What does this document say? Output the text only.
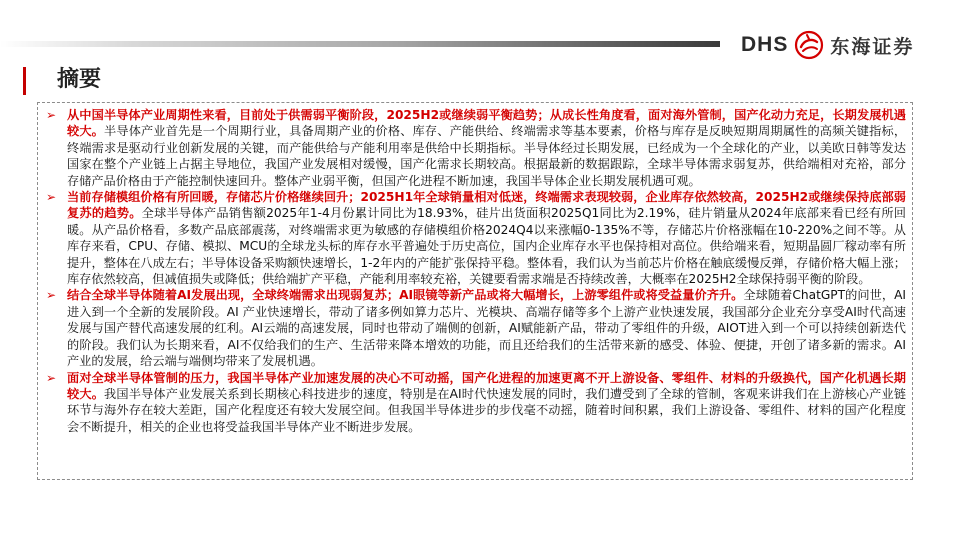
DHS 东海证券
摘要
➢ 从中国半导体产业周期性来看，目前处于供需弱平衡阶段，2025H2或继续弱平衡趋势；从成长性角度看，面对海外管制，国产化动力充足，长期发展机遇较大。半导体产业首先是一个周期行业，具备周期产业的价格、库存、产能供给、终端需求等基本要素，价格与库存是反映短期周期属性的高频关键指标，终端需求是驱动行业创新发展的关键，而产能供给与产能利用率是供给中长期指标。半导体经过长期发展，已经成为一个全球化的产业，以美欧日韩等发达国家在整个产业链上占据主导地位，我国产业发展相对缓慢，国产化需求长期较高。根据最新的数据跟踪，全球半导体需求弱复苏，供给端相对充裕，部分存储产品价格由于产能控制快速回升。整体产业弱平衡，但国产化进程不断加速，我国半导体企业长期发展机遇可观。
➢ 当前存储模组价格有所回暖，存储芯片价格继续回升；2025H1年全球销量相对低迷，终端需求表现较弱，企业库存依然较高，2025H2或继续保持底部弱复苏的趋势。全球半导体产品销售额2025年1-4月份累计同比为18.93%，硅片出货面积2025Q1同比为2.19%，硅片销量从2024年底部来看已经有所回暖。从产品价格看，多数产品底部震荡，对终端需求更为敏感的存储模组价格2024Q4以来涨幅0-135%不等，存储芯片价格涨幅在10-220%之间不等。从库存来看，CPU、存储、模拟、MCU的全球龙头标的库存水平普遍处于历史高位，国内企业库存水平也保持相对高位。供给端来看，短期晶圆厂稼动率有所提升，整体在八成左右；半导体设备采购额快速增长，1-2年内的产能扩张保持平稳。整体看，我们认为当前芯片价格在触底缓慢反弹，存储价格大幅上涨；库存依然较高，但减值损失或降低；供给端扩产平稳，产能利用率较充裕，关键要看需求端是否持续改善，大概率在2025H2全球保持弱平衡的阶段。
➢ 结合全球半导体随着AI发展出现，全球终端需求出现弱复苏；AI眼镜等新产品或将大幅增长，上游零组件或将受益量价齐升。全球随着ChatGPT的问世，AI进入到一个全新的发展阶段。AI 产业快速增长，带动了诸多例如算力芯片、光模块、高端存储等多个上游产业快速发展，我国部分企业充分享受AI时代高速发展与国产替代高速发展的红利。AI云端的高速发展，同时也带动了端侧的创新，AI赋能新产品，带动了零组件的升级，AIOT进入到一个可以持续创新迭代的阶段。我们认为长期来看，AI不仅给我们的生产、生活带来降本增效的功能，而且还给我们的生活带来新的感受、体验、便捷，开创了诸多新的需求。AI产业的发展，给云端与端侧均带来了发展机遇。
➢ 面对全球半导体管制的压力，我国半导体产业加速发展的决心不可动摇，国产化进程的加速更离不开上游设备、零组件、材料的升级换代，国产化机遇长期较大。我国半导体产业发展关系到长期核心科技进步的速度，特别是在AI时代快速发展的同时，我们遭受到了全球的管制，客观来讲我们在上游核心产业链环节与海外存在较大差距，国产化程度还有较大发展空间。但我国半导体进步的步伐毫不动摇，随着时间积累，我们上游设备、零组件、材料的国产化程度会不断提升，相关的企业也将受益我国半导体产业不断进步发展。
